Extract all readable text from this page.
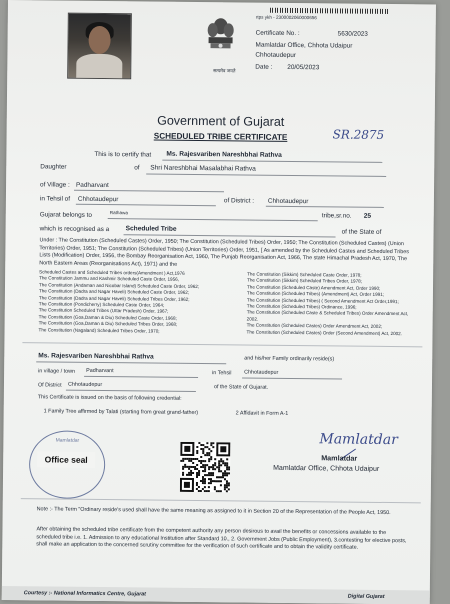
rtps ykh - 2300002060000656
सत्यमेव जयते
Certificate No. :	5630/2023
Mamlatdar Office, Chhota Udaipur
Chhotaudepur
Date : 20/05/2023
Government of Gujarat
SCHEDULED TRIBE CERTIFICATE	SR.2875
This is to certify that Ms. Rajesvariben Nareshbhai Rathva
Daughter	of Shri Nareshbhai Masalabhai Rathva
of Village : Padharvant
in Tehsil of Chhotaudepur	of District : Chhotaudepur
Gujarat belongs to	Rathawa	tribe,sr.no. 25
which is recognised as a Scheduled Tribe	of the State of
Under : The Constitution (Scheduled Castes) Order, 1950; The Constitution (Scheduled Tribes) Order, 1950; The Constitution (Scheduled Castes) (Union Territories) Order, 1951; The Constitution (Scheduled Tribes) (Union Territories) Order, 1951, [ As amended by the Scheduled Castes and Scheduled Tribes Lists (Modification) Order, 1956, the Bombay Reorganisation Act, 1960, The Punjab Reorganisation Act, 1966, The state Himachal Pradesh Act, 1970, The North Eastern Areas (Reorganisations Act), 1971) and the
Scheduled Castes and Scheduled Tribes orders(Amendment ) Act,1976
The Constitution Jammu and Kashmir Scheduled Caste Order, 1956,
The Constitution (Andaman and Nicobar Island) Scheduled Caste Order, 1962;
The Constitution (Dadra and Nagar Haveli) Scheduled Caste Order, 1962;
The Constitution (Dadra and Nagar Haveli) Scheduled Tribes Order, 1962;
The Constitution (Pondicherry) Scheduled Caste Order, 1964;
The Constitution Scheduled Tribes (Uttar Pradesh) Order, 1967;
The Constitution (Goa,Daman & Diu) Scheduled Caste Order, 1968;
The Constitution (Goa,Daman & Diu) Scheduled Tribes Order, 1968;
The Constitution (Nagaland) Scheduled Tribes Order, 1970;
The Constitution (Sikkim) Scheduled Caste Order, 1978;
The Constitution (Sikkim) Scheduled Tribes Order, 1978;
The Constitution (Scheduled Caste) Amendment Act, Order 1990;
The Constitution (Scheduled Tribes) (Amendment) Act, Order 1991;
The Constitution (Scheduled Tribes) ( Second Amendment Act Order,1991;
The Constitution (Scheduled Tribes) Ordinance, 1996;
The Constitution (Scheduled Caste & Scheduled Tribes) Order Amendment Act, 2002.
The Constitution (Scheduled Castes) Order Amendment Act, 2002;
The Constitution (Scheduled Castes) Order (Second Amendment) Act, 2002.
Ms. Rajesvariben Nareshbhai Rathva	and his/her Family ordinarily reside(s)
in village / town Padharvant	in Tehsil Chhotaudepur
Of District Chhotaudepur	of the State of Gujarat.
This Certificate is issued on the basis of following credential:
1 Family Tree affirmed by Talati (starting from great grand-father)	2 Affidavit in Form A-1
Mamlatdar
Office seal
Mamlatdar
Mamlatdar
Mamlatdar Office, Chhota Udaipur
Note :- The Term "Ordinary reside's used shall have the same meaning as assigned to it in Section 20 of the Representation of the People Act, 1950.
After obtaining the scheduled tribe certificate from the competent authority any person desirous to avail the benefits or concessions available to the scheduled tribe i.e. 1. Admission to any educational Institution after Standard 10., 2. Government Jobs (Public Employment), 3.contesting for elective posts, shall make an application to the concerned scrutiny committee for the verification of such certificate and to obtain the validity certificate.
Courtesy :- National Informatics Centre, Gujarat	Digital Gujarat
